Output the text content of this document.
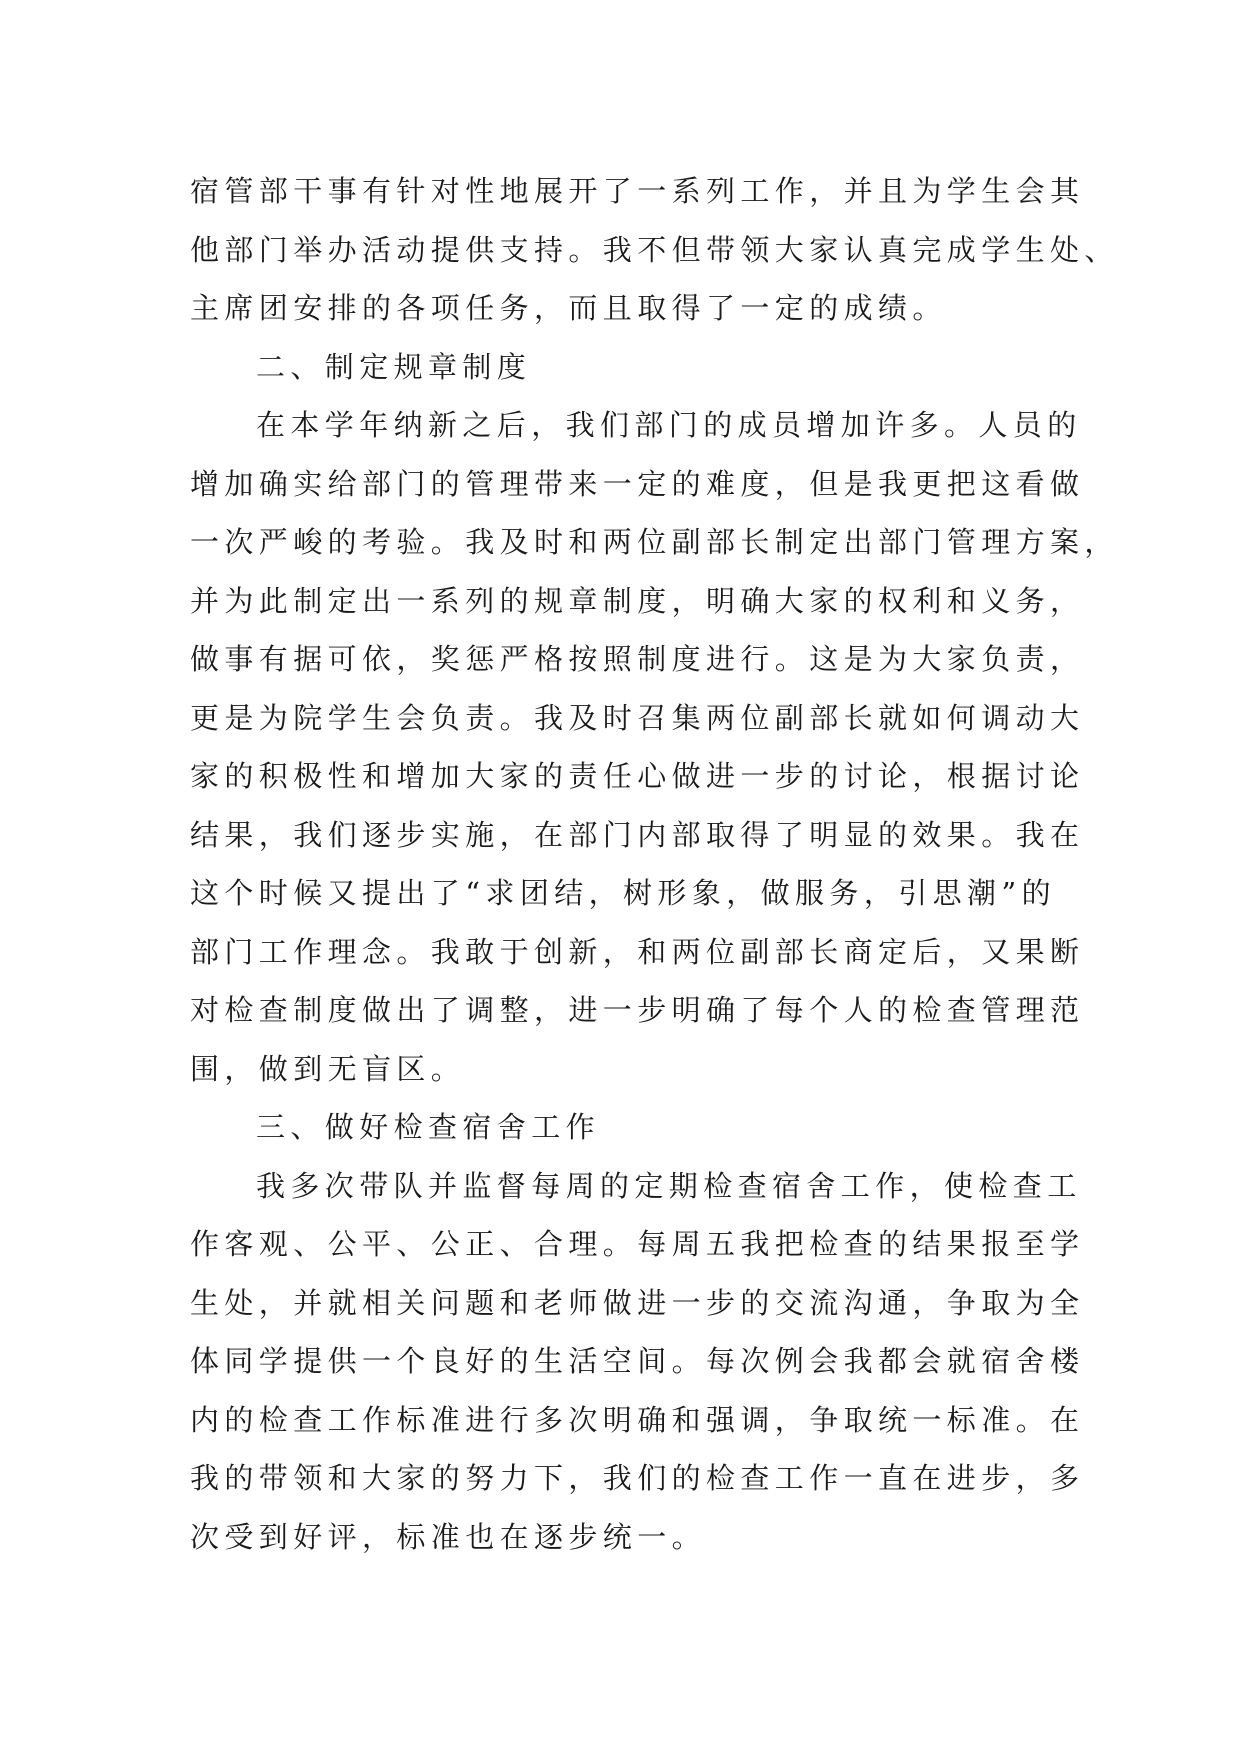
宿管部干事有针对性地展开了一系列工作，并且为学生会其
他部门举办活动提供支持。我不但带领大家认真完成学生处、
主席团安排的各项任务，而且取得了一定的成绩。
二、制定规章制度
在本学年纳新之后，我们部门的成员增加许多。人员的
增加确实给部门的管理带来一定的难度，但是我更把这看做
一次严峻的考验。我及时和两位副部长制定出部门管理方案，
并为此制定出一系列的规章制度，明确大家的权利和义务，
做事有据可依，奖惩严格按照制度进行。这是为大家负责，
更是为院学生会负责。我及时召集两位副部长就如何调动大
家的积极性和增加大家的责任心做进一步的讨论，根据讨论
结果，我们逐步实施，在部门内部取得了明显的效果。我在
这个时候又提出了“求团结，树形象，做服务，引思潮”的
部门工作理念。我敢于创新，和两位副部长商定后，又果断
对检查制度做出了调整，进一步明确了每个人的检查管理范
围，做到无盲区。
三、做好检查宿舍工作
我多次带队并监督每周的定期检查宿舍工作，使检查工
作客观、公平、公正、合理。每周五我把检查的结果报至学
生处，并就相关问题和老师做进一步的交流沟通，争取为全
体同学提供一个良好的生活空间。每次例会我都会就宿舍楼
内的检查工作标准进行多次明确和强调，争取统一标准。在
我的带领和大家的努力下，我们的检查工作一直在进步，多
次受到好评，标准也在逐步统一。
